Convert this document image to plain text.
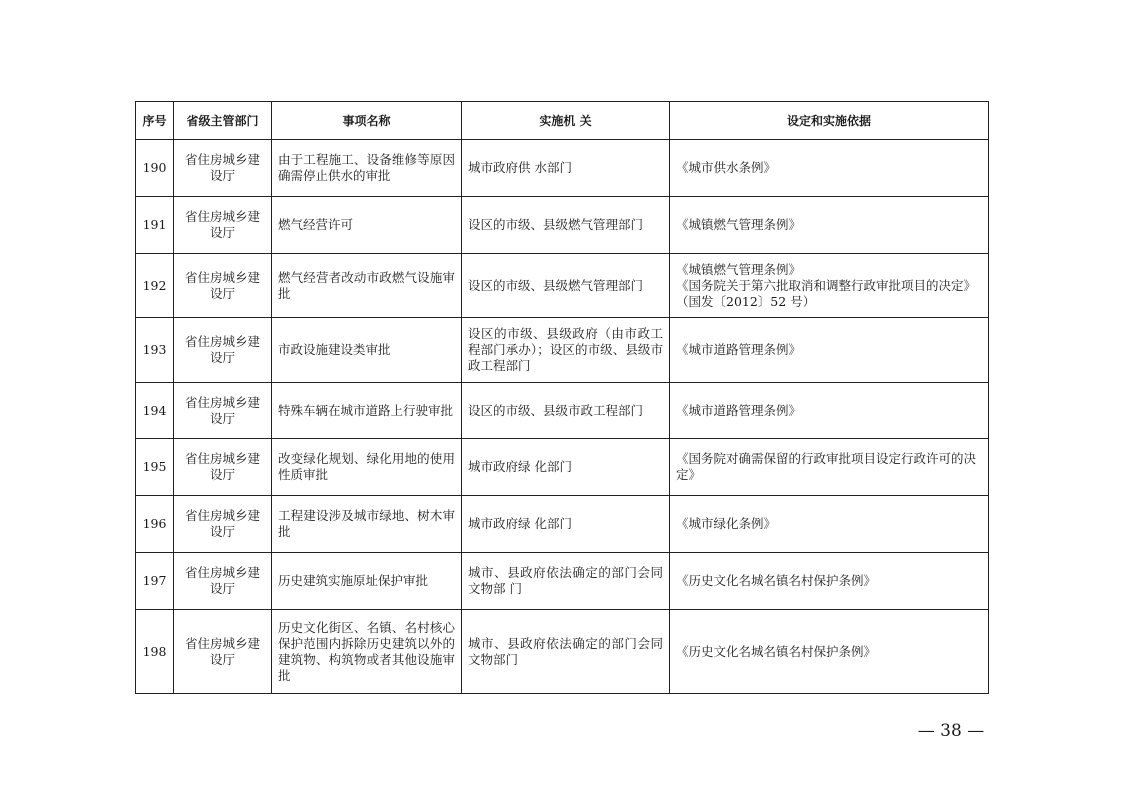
序号	省级主管部门	事项名称	实施机 关	设定和实施依据
190	省住房城乡建设厅	由于工程施工、设备维修等原因确需停止供水的审批	城市政府供 水部门	《城市供水条例》

191	省住房城乡建设厅	燃气经营许可	设区的市级、县级燃气管理部门	《城镇燃气管理条例》

192	省住房城乡建设厅	燃气经营者改动市政燃气设施审批	设区的市级、县级燃气管理部门	《城镇燃气管理条例》
《国务院关于第六批取消和调整行政审批项目的决定》（国发〔2012〕52 号）

193	省住房城乡建设厅	市政设施建设类审批	设区的市级、县级政府（由市政工 程部门承办）；设区的市级、县级市政工程部门	《城市道路管理条例》

194	省住房城乡建设厅	特殊车辆在城市道路上行驶审批	设区的市级、县级市政工程部门	《城市道路管理条例》

195	省住房城乡建设厅	改变绿化规划、绿化用地的使用性质审批	城市政府绿 化部门	《国务院对确需保留的行政审批项目设定行政许可的决定》

196	省住房城乡建设厅	工程建设涉及城市绿地、树木审批	城市政府绿 化部门	《城市绿化条例》

197	省住房城乡建设厅	历史建筑实施原址保护审批	城市、县政府依法确定的部门会同文物部 门	《历史文化名城名镇名村保护条例》

198	省住房城乡建设厅	历史文化街区、名镇、名村核心保护范围内拆除历史建筑以外的建筑物、构筑物或者其他设施审批	城市、县政府依法确定的部门会同文物部门	《历史文化名城名镇名村保护条例》
— 38 —
